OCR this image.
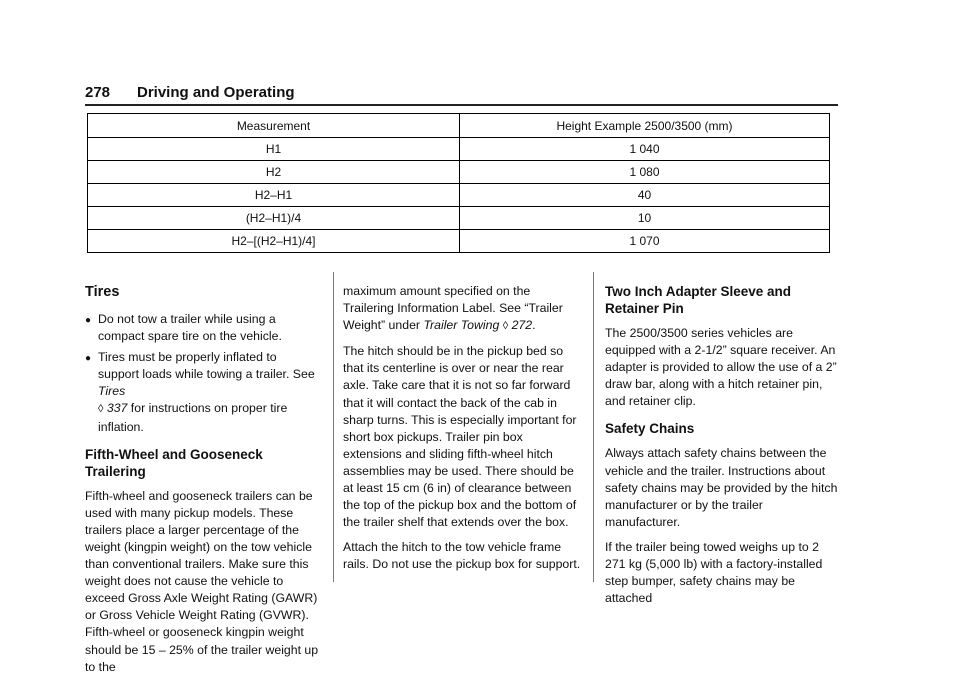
278 Driving and Operating
Measurement	Height Example 2500/3500 (mm)
H1	1 040
H2	1 080
H2–H1	40
(H2–H1)/4	10
H2–[(H2–H1)/4]	1 070
Tires
● Do not tow a trailer while using a compact spare tire on the vehicle.
● Tires must be properly inflated to support loads while towing a trailer. See Tires
◊ 337 for instructions on proper tire inflation.
Fifth-Wheel and Gooseneck Trailering

Fifth-wheel and gooseneck trailers can be used with many pickup models. These trailers place a larger percentage of the weight (kingpin weight) on the tow vehicle than conventional trailers. Make sure this weight does not cause the vehicle to exceed Gross Axle Weight Rating (GAWR) or Gross Vehicle Weight Rating (GVWR). Fifth-wheel or gooseneck kingpin weight should be 15 – 25% of the trailer weight up to the

maximum amount specified on the Trailering Information Label. See “Trailer Weight” under Trailer Towing ◊ 272.

The hitch should be in the pickup bed so that its centerline is over or near the rear axle. Take care that it is not so far forward that it will contact the back of the cab in sharp turns. This is especially important for short box pickups. Trailer pin box extensions and sliding fifth-wheel hitch assemblies may be used. There should be at least 15 cm (6 in) of clearance between the top of the pickup box and the bottom of the trailer shelf that extends over the box.

Attach the hitch to the tow vehicle frame rails. Do not use the pickup box for support.

Two Inch Adapter Sleeve and Retainer Pin

The 2500/3500 series vehicles are equipped with a 2-1/2” square receiver. An adapter is provided to allow the use of a 2” draw bar, along with a hitch retainer pin, and retainer clip.

Safety Chains

Always attach safety chains between the vehicle and the trailer. Instructions about safety chains may be provided by the hitch manufacturer or by the trailer manufacturer.

If the trailer being towed weighs up to 2 271 kg (5,000 lb) with a factory-installed step bumper, safety chains may be attached
